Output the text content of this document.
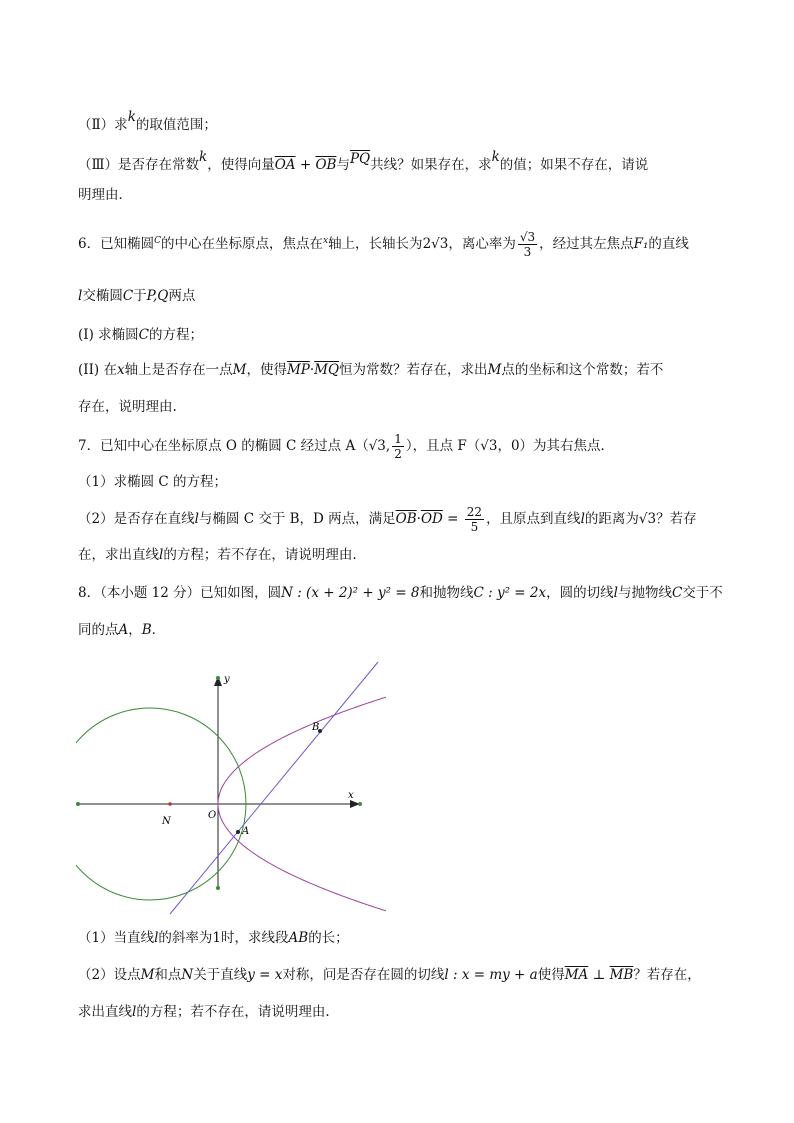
（Ⅱ）求k的取值范围；
（Ⅲ）是否存在常数k，使得向量$\overline{OA} + \overline{OB}$与$\overline{PQ}$共线？如果存在，求k的值；如果不存在，请说
明理由．
6．已知椭圆$^C$的中心在坐标原点，焦点在$^x$轴上，长轴长为2√3，离心率为 $\frac{√3}{3}$ ，经过其左焦点F₁的直线
l交椭圆C于P,Q两点
(I) 求椭圆C的方程；
(II) 在x轴上是否存在一点M，使得$\overline{MP}\cdot\overline{MQ}$恒为常数？若存在，求出M点的坐标和这个常数；若不
存在，说明理由.
7．已知中心在坐标原点 O 的椭圆 C 经过点 A（√3, $\frac{1}{2}$ ），且点 F（√3，0）为其右焦点．
（1）求椭圆 C 的方程；
（2）是否存在直线l与椭圆 C 交于 B，D 两点，满足$\overline{OB}\cdot\overline{OD} = \frac{22}{5}$ ，且原点到直线l的距离为√3？若存
在，求出直线l的方程；若不存在，请说明理由.
8．（本小题 12 分）已知如图，圆N : (x + 2)² + y² = 8和抛物线C : y² = 2x，圆的切线l与抛物线C交于不
同的点A，B．
y
x
O
N
A
B
（1）当直线l的斜率为1时，求线段AB的长；
（2）设点M和点N关于直线y = x对称，问是否存在圆的切线l : x = my + a使得$\overline{MA}$ ⊥ $\overline{MB}$？若存在，
求出直线l的方程；若不存在，请说明理由.
